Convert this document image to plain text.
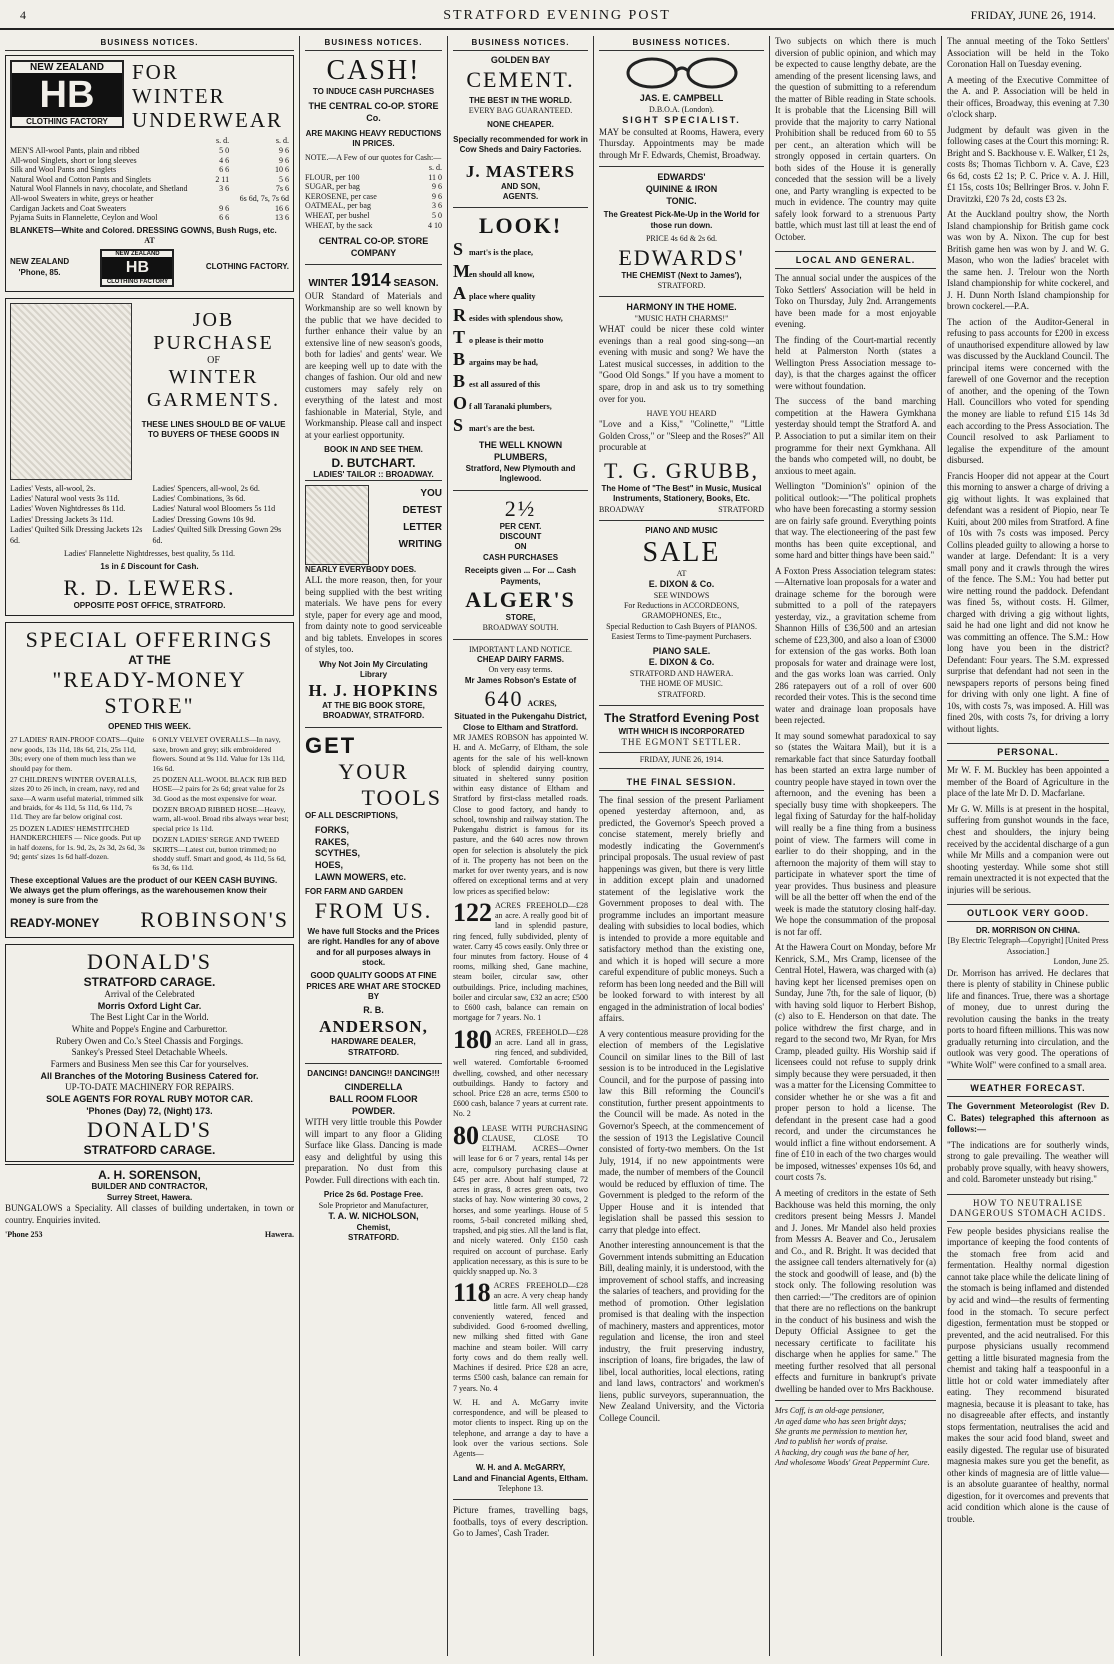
4	STRATFORD EVENING POST	FRIDAY, JUNE 26, 1914.
BUSINESS NOTICES.
NEW ZEALAND
HB
CLOTHING FACTORY
FOR
WINTER
UNDERWEAR
	s. d.	s. d.
MEN'S All-wool Pants, plain and ribbed	5 0	9 6
All-wool Singlets, short or long sleeves	4 6	9 6
Silk and Wool Pants and Singlets	6 6	10 6
Natural Wool and Cotton Pants and Singlets	2 11	5 6
Natural Wool Flannels in navy, chocolate, and Shetland	3 6	7s 6
All-wool Sweaters in white, greys or heather		6s 6d, 7s, 7s 6d
Cardigan Jackets and Coat Sweaters	9 6	16 6
Pyjama Suits in Flannelette, Ceylon and Wool	6 6	13 6
BLANKETS—White and Colored. DRESSING GOWNS, Bush Rugs, etc.
AT
NEW ZEALAND
'Phone, 85.
NEW ZEALAND
HB
CLOTHING FACTORY
CLOTHING FACTORY.
JOB
PURCHASE
OF
WINTER
GARMENTS.
THESE LINES SHOULD BE OF VALUE TO BUYERS OF THESE GOODS IN
Ladies' Vests, all-wool, 2s.
Ladies' Natural wool vests 3s 11d.
Ladies' Woven Nightdresses 8s 11d.
Ladies' Dressing Jackets 3s 11d.
Ladies' Quilted Silk Dressing Jackets 12s 6d.
Ladies' Spencers, all-wool, 2s 6d.
Ladies' Combinations, 3s 6d.
Ladies' Natural wool Bloomers 5s 11d
Ladies' Dressing Gowns 10s 9d.
Ladies' Quilted Silk Dressing Gown 29s 6d.
Ladies' Flannelette Nightdresses, best quality, 5s 11d.
1s in £ Discount for Cash.
R. D. LEWERS.
OPPOSITE POST OFFICE, STRATFORD.
SPECIAL OFFERINGS
AT THE
"READY-MONEY STORE"
OPENED THIS WEEK.
27 LADIES' RAIN-PROOF COATS—Quite new goods, 13s 11d, 18s 6d, 21s, 25s 11d, 30s; every one of them much less than we should pay for them.
27 CHILDREN'S WINTER OVERALLS, sizes 20 to 26 inch, in cream, navy, red and saxe—A warm useful material, trimmed silk and braids, for 4s 11d, 5s 11d, 6s 11d, 7s 11d. They are far below original cost.
25 DOZEN LADIES' HEMSTITCHED HANDKERCHIEFS — Nice goods. Put up in half dozens, for 1s. 9d, 2s, 2s 3d, 2s 6d, 3s 9d; gents' sizes 1s 6d half-dozen.
6 ONLY VELVET OVERALLS—In navy, saxe, brown and grey; silk embroidered flowers. Sound at 9s 11d. Value for 13s 11d, 16s 6d.
25 DOZEN ALL-WOOL BLACK RIB BED HOSE—2 pairs for 2s 6d; great value for 2s 3d. Good as the most expensive for wear.
DOZEN BROAD RIBBED HOSE—Heavy, warm, all-wool. Broad ribs always wear best; special price 1s 11d.
DOZEN LADIES' SERGE AND TWEED SKIRTS—Latest cut, button trimmed; no shoddy stuff. Smart and good, 4s 11d, 5s 6d, 6s 3d, 6s 11d.
These exceptional Values are the product of our KEEN CASH BUYING. We always get the plum offerings, as the warehousemen know their money is sure from the
READY-MONEY ROBINSON'S
DONALD'S
STRATFORD CARAGE.
Arrival of the Celebrated
Morris Oxford Light Car.
The Best Light Car in the World.
White and Poppe's Engine and Carburettor.
Rubery Owen and Co.'s Steel Chassis and Forgings.
Sankey's Pressed Steel Detachable Wheels.
Farmers and Business Men see this Car for yourselves.
All Branches of the Motoring Business Catered for.
UP-TO-DATE MACHINERY FOR REPAIRS.
SOLE AGENTS FOR ROYAL RUBY MOTOR CAR.
'Phones (Day) 72, (Night) 173.
DONALD'S
STRATFORD CARAGE.
A. H. SORENSON,
BUILDER AND CONTRACTOR,
Surrey Street, Hawera.
BUNGALOWS a Speciality. All classes of building undertaken, in town or country. Enquiries invited.
'Phone 253	Hawera.
BUSINESS NOTICES.
CASH!
TO INDUCE CASH PURCHASES
THE CENTRAL CO-OP. STORE Co.
ARE MAKING HEAVY REDUCTIONS IN PRICES.
NOTE.—A Few of our quotes for Cash:—
	s. d.
FLOUR, per 100	11 0
SUGAR, per bag	9 6
KEROSENE, per case	9 6
OATMEAL, per bag	3 6
WHEAT, per bushel	5 0
WHEAT, by the sack	4 10
CENTRAL CO-OP. STORE COMPANY
WINTER 1914 SEASON.

OUR Standard of Materials and Workmanship are so well known by the public that we have decided to further enhance their value by an extensive line of new season's goods, both for ladies' and gents' wear. We are keeping well up to date with the changes of fashion. Our old and new customers may safely rely on everything of the latest and most fashionable in Material, Style, and Workmanship. Please call and inspect at your earliest opportunity.

BOOK IN AND SEE THEM.
D. BUTCHART.
LADIES' TAILOR :: BROADWAY.
YOU
DETEST
LETTER
WRITING
NEARLY EVERYBODY DOES.

ALL the more reason, then, for your being supplied with the best writing materials. We have pens for every style, paper for every age and mood, from dainty note to good serviceable and big tablets. Envelopes in scores of styles, too.

Why Not Join My Circulating Library
H. J. HOPKINS
AT THE BIG BOOK STORE,
BROADWAY, STRATFORD.
GET
YOUR
TOOLS
OF ALL DESCRIPTIONS,
FORKS,
RAKES,
SCYTHES,
HOES,
LAWN MOWERS, etc.
FOR FARM AND GARDEN
FROM US.
We have full Stocks and the Prices are right. Handles for any of above and for all purposes always in stock.
GOOD QUALITY GOODS AT FINE PRICES ARE WHAT ARE STOCKED BY
R. B.
ANDERSON,
HARDWARE DEALER,
STRATFORD.
DANCING! DANCING!! DANCING!!!
CINDERELLA
BALL ROOM FLOOR
POWDER.

WITH very little trouble this Powder will impart to any floor a Gliding Surface like Glass. Dancing is made easy and delightful by using this preparation. No dust from this Powder. Full directions with each tin.

Price 2s 6d. Postage Free.
Sole Proprietor and Manufacturer,
T. A. W. NICHOLSON,
Chemist,
STRATFORD.
BUSINESS NOTICES.
GOLDEN BAY
CEMENT.
THE BEST IN THE WORLD.
EVERY BAG GUARANTEED.
NONE CHEAPER.
Specially recommended for work in Cow Sheds and Dairy Factories.
J. MASTERS
AND SON,
AGENTS.
LOOK!
Smart's is the place,
Men should all know,
Aplace where quality
Resides with splendous show,
To please is their motto
Bargains may be had,
Best all assured of this
Of all Taranaki plumbers,
Smart's are the best.
THE WELL KNOWN PLUMBERS,
Stratford, New Plymouth and Inglewood.
2½
PER CENT.
DISCOUNT
ON
CASH PURCHASES
Receipts given ... For ... Cash Payments,
ALGER'S
STORE,
BROADWAY SOUTH.
IMPORTANT LAND NOTICE.
CHEAP DAIRY FARMS.
On very easy terms.
Mr James Robson's Estate of
640 ACRES,
Situated in the Pukengahu District, Close to Eltham and Stratford.

MR JAMES ROBSON has appointed W. H. and A. McGarry, of Eltham, the sole agents for the sale of his well-known block of splendid dairying country, situated in sheltered sunny position within easy distance of Eltham and Stratford by first-class metalled roads. Close to good factory, and handy to school, township and railway station. The Pukengahu district is famous for its pasture, and the 640 acres now thrown open for selection is absolutely the pick of it. The property has not been on the market for over twenty years, and is now offered on exceptional terms and at very low prices as specified below:

122 ACRES FREEHOLD—£28 an acre. A really good bit of land in splendid pasture, ring fenced, fully subdivided, plenty of water. Carry 45 cows easily. Only three or four minutes from factory. House of 4 rooms, milking shed, Gane machine, steam boiler, circular saw, other outbuildings. Price, including machines, boiler and circular saw, £32 an acre; £500 to £600 cash, balance can remain on mortgage for 7 years. No. 1

180 ACRES, FREEHOLD—£28 an acre. Land all in grass, ring fenced, and subdivided, well watered. Comfortable 6-roomed dwelling, cowshed, and other necessary outbuildings. Handy to factory and school. Price £28 an acre, terms £500 to £600 cash, balance 7 years at current rate. No. 2

80 LEASE WITH PURCHASING CLAUSE, CLOSE TO ELTHAM. ACRES—Owner will lease for 6 or 7 years, rental 14s per acre, compulsory purchasing clause at £45 per acre. About half stumped, 72 acres in grass, 8 acres green oats, two stacks of hay. Now wintering 30 cows, 2 horses, and some yearlings. House of 5 rooms, 5-bail concreted milking shed, trapshed, and pig sties. All the land is flat, and nicely watered. Only £150 cash required on account of purchase. Early application necessary, as this is sure to be quickly snapped up. No. 3

118 ACRES FREEHOLD—£28 an acre. A very cheap handy little farm. All well grassed, conveniently watered, fenced and subdivided. Good 6-roomed dwelling, new milking shed fitted with Gane machine and steam boiler. Will carry forty cows and do them really well. Machines if desired. Price £28 an acre, terms £500 cash, balance can remain for 7 years. No. 4

W. H. and A. McGarry invite correspondence, and will be pleased to motor clients to inspect. Ring up on the telephone, and arrange a day to have a look over the various sections. Sole Agents—

W. H. and A. McGARRY,
Land and Financial Agents, Eltham.
Telephone 13.

Picture frames, travelling bags, footballs, toys of every description. Go to James', Cash Trader.

BUSINESS NOTICES.
JAS. E. CAMPBELL
D.B.O.A. (London).
SIGHT SPECIALIST.

MAY be consulted at Rooms, Hawera, every Thursday. Appointments may be made through Mr F. Edwards, Chemist, Broadway.

EDWARDS'
QUININE & IRON
TONIC.
The Greatest Pick-Me-Up in the World for those run down.
PRICE 4s 6d & 2s 6d.
EDWARDS'
THE CHEMIST (Next to James'),
STRATFORD.
HARMONY IN THE HOME.
"MUSIC HATH CHARMS!"

WHAT could be nicer these cold winter evenings than a real good sing-song—an evening with music and song? We have the Latest musical successes, in addition to the "Good Old Songs." If you have a moment to spare, drop in and ask us to try something over for you.

HAVE YOU HEARD

"Love and a Kiss," "Colinette," "Little Golden Cross," or "Sleep and the Roses?" All procurable at

T. G. GRUBB,
The Home of "The Best" in Music, Musical Instruments, Stationery, Books, Etc.
BROADWAY	STRATFORD
PIANO AND MUSIC
SALE
AT
E. DIXON & Co.
SEE WINDOWS
For Reductions in ACCORDEONS, GRAMOPHONES, Etc.,
Special Reduction to Cash Buyers of PIANOS.
Easiest Terms to Time-payment Purchasers.
PIANO SALE.
E. DIXON & Co.
STRATFORD AND HAWERA.
THE HOME OF MUSIC.
STRATFORD.
The Stratford Evening Post
WITH WHICH IS INCORPORATED
THE EGMONT SETTLER.
FRIDAY, JUNE 26, 1914.
THE FINAL SESSION.

The final session of the present Parliament opened yesterday afternoon, and, as predicted, the Governor's Speech proved a concise statement, merely briefly and modestly indicating the Government's principal proposals. The usual review of past happenings was given, but there is very little in addition except plain and unadorned statement of the legislative work the Government proposes to deal with. The programme includes an important measure dealing with subsidies to local bodies, which is intended to provide a more equitable and satisfactory method than the existing one, and which it is hoped will secure a more careful expenditure of public moneys. Such a reform has been long needed and the Bill will be looked forward to with interest by all engaged in the administration of local bodies' affairs.

A very contentious measure providing for the election of members of the Legislative Council on similar lines to the Bill of last session is to be introduced in the Legislative Council, and for the purpose of passing into law this Bill reforming the Council's constitution, further present appointments to the Council will be made. As noted in the Governor's Speech, at the commencement of the session of 1913 the Legislative Council consisted of forty-two members. On the 1st July, 1914, if no new appointments were made, the number of members of the Council would be reduced by effluxion of time. The Government is pledged to the reform of the Upper House and it is intended that legislation shall be passed this session to carry that pledge into effect.

Another interesting announcement is that the Government intends submitting an Education Bill, dealing mainly, it is understood, with the improvement of school staffs, and increasing the salaries of teachers, and providing for the method of promotion. Other legislation promised is that dealing with the inspection of machinery, masters and apprentices, motor regulation and license, the iron and steel industry, the fruit preserving industry, inscription of loans, fire brigades, the law of libel, local authorities, local elections, rating and land laws, contractors' and workmen's liens, public surveyors, superannuation, the New Zealand University, and the Victoria College Council.

Two subjects on which there is much diversion of public opinion, and which may be expected to cause lengthy debate, are the amending of the present licensing laws, and the question of submitting to a referendum the matter of Bible reading in State schools. It is probable that the Licensing Bill will provide that the majority to carry National Prohibition shall be reduced from 60 to 55 per cent., an alteration which will be strongly opposed in certain quarters. On both sides of the House it is generally conceded that the session will be a lively one, and Party wrangling is expected to be much in evidence. The country may quite safely look forward to a strenuous Party battle, which must last till at least the end of October.

LOCAL AND GENERAL.

The annual social under the auspices of the Toko Settlers' Association will be held in Toko on Thursday, July 2nd. Arrangements have been made for a most enjoyable evening.

The finding of the Court-martial recently held at Palmerston North (states a Wellington Press Association message to-day), is that the charges against the officer were without foundation.

The success of the band marching competition at the Hawera Gymkhana yesterday should tempt the Stratford A. and P. Association to put a similar item on their programme for their next Gymkhana. All the bands who competed will, no doubt, be anxious to meet again.

Wellington "Dominion's" opinion of the political outlook:—"The political prophets who have been forecasting a stormy session are on fairly safe ground. Everything points that way. The electioneering of the past few months has been quite exceptional, and some hard and bitter things have been said."

A Foxton Press Association telegram states:—Alternative loan proposals for a water and drainage scheme for the borough were submitted to a poll of the ratepayers yesterday, viz., a gravitation scheme from Shannon Hills of £36,500 and an artesian scheme of £23,300, and also a loan of £3000 for extension of the gas works. Both loan proposals for water and drainage were lost, and the gas works loan was carried. Only 286 ratepayers out of a roll of over 600 recorded their votes. This is the second time water and drainage loan proposals have been rejected.

It may sound somewhat paradoxical to say so (states the Waitara Mail), but it is a remarkable fact that since Saturday football has been started an extra large number of country people have stayed in town over the afternoon, and the evening has been a specially busy time with shopkeepers. The legal fixing of Saturday for the half-holiday will really be a fine thing from a business point of view. The farmers will come in earlier to do their shopping, and in the afternoon the majority of them will stay to participate in whatever sport the time of year provides. Thus business and pleasure will be all the better off when the end of the week is made the statutory closing half-day. We hope the consummation of the proposal is not far off.

At the Hawera Court on Monday, before Mr Kenrick, S.M., Mrs Cramp, licensee of the Central Hotel, Hawera, was charged with (a) having kept her licensed premises open on Sunday, June 7th, for the sale of liquor, (b) with having sold liquor to Herbert Bishop, (c) also to E. Henderson on that date. The police withdrew the first charge, and in regard to the second two, Mr Ryan, for Mrs Cramp, pleaded guilty. His Worship said if licensees could not refuse to supply drink simply because they were persuaded, it then was a matter for the Licensing Committee to consider whether he or she was a fit and proper person to hold a license. The defendant in the present case had a good record, and under the circumstances he would inflict a fine without endorsement. A fine of £10 in each of the two charges would be imposed, witnesses' expenses 10s 6d, and court costs 7s.

A meeting of creditors in the estate of Seth Backhouse was held this morning, the only creditors present being Messrs J. Mandel and J. Jones. Mr Mandel also held proxies from Messrs A. Beaver and Co., Jerusalem and Co., and R. Bright. It was decided that the assignee call tenders alternatively for (a) the stock and goodwill of lease, and (b) the stock only. The following resolution was then carried:—"The creditors are of opinion that there are no reflections on the bankrupt in the conduct of his business and wish the Deputy Official Assignee to get the necessary certificate to facilitate his discharge when he applies for same." The meeting further resolved that all personal effects and furniture in bankrupt's private dwelling be handed over to Mrs Backhouse.

Mrs Coff, is an old-age pensioner,
An aged dame who has seen bright days;
She grants me permission to mention her,
And to publish her words of praise.
A hacking, dry cough was the bane of her,
And wholesome Woods' Great Peppermint Cure.

The annual meeting of the Toko Settlers' Association will be held in the Toko Coronation Hall on Tuesday evening.

A meeting of the Executive Committee of the A. and P. Association will be held in their offices, Broadway, this evening at 7.30 o'clock sharp.

Judgment by default was given in the following cases at the Court this morning: R. Bright and S. Backhouse v. E. Walker, £1 2s, costs 8s; Thomas Tichborn v. A. Cave, £23 6s 6d, costs £2 1s; P. C. Price v. A. J. Hill, £1 15s, costs 10s; Bellringer Bros. v. John F. Dravitzki, £20 7s 2d, costs £3 2s.

At the Auckland poultry show, the North Island championship for British game cock was won by A. Nixon. The cup for best British game hen was won by J. and W. G. Mason, who won the ladies' bracelet with the same hen. J. Trelour won the North Island championship for white cockerel, and J. H. Dunn North Island championship for brown cockerel.—P.A.

The action of the Auditor-General in refusing to pass accounts for £200 in excess of unauthorised expenditure allowed by law was discussed by the Auckland Council. The principal items were concerned with the farewell of one Governor and the reception of another, and the opening of the Town Hall. Councillors who voted for spending the money are liable to refund £15 14s 3d each according to the Press Association. The Council resolved to ask Parliament to legalise the expenditure of the amount disbursed.

Francis Hooper did not appear at the Court this morning to answer a charge of driving a gig without lights. It was explained that defendant was a resident of Piopio, near Te Kuiti, about 200 miles from Stratford. A fine of 10s with 7s costs was imposed. Percy Collins pleaded guilty to allowing a horse to wander at large. Defendant: It is a very small pony and it crawls through the wires of the fence. The S.M.: You had better put wire netting round the paddock. Defendant was fined 5s, without costs. H. Gilmer, charged with driving a gig without lights, said he had one light and did not know he was committing an offence. The S.M.: How long have you been in the district? Defendant: Four years. The S.M. expressed surprise that defendant had not seen in the newspapers reports of persons being fined for driving with only one light. A fine of 10s, with costs 7s, was imposed. A. Hill was fined 20s, with costs 7s, for driving a lorry without lights.

PERSONAL.

Mr W. F. M. Buckley has been appointed a member of the Board of Agriculture in the place of the late Mr D. D. Macfarlane.

Mr G. W. Mills is at present in the hospital, suffering from gunshot wounds in the face, chest and shoulders, the injury being received by the accidental discharge of a gun while Mr Mills and a companion were out shooting yesterday. While some shot still remain unextracted it is not expected that the injuries will be serious.

OUTLOOK VERY GOOD.
DR. MORRISON ON CHINA.
[By Electric Telegraph—Copyright] [United Press Association.]
London, June 25.

Dr. Morrison has arrived. He declares that there is plenty of stability in Chinese public life and finances. True, there was a shortage of money, due to unrest during the revolution causing the banks in the treaty ports to hoard fifteen millions. This was now gradually returning into circulation, and the outlook was very good. The operations of "White Wolf" were confined to a small area.

WEATHER FORECAST.

The Government Meteorologist (Rev D. C. Bates) telegraphed this afternoon as follows:—

"The indications are for southerly winds, strong to gale prevailing. The weather will probably prove squally, with heavy showers, and cold. Barometer unsteady but rising."

HOW TO NEUTRALISE DANGEROUS STOMACH ACIDS.

Few people besides physicians realise the importance of keeping the food contents of the stomach free from acid and fermentation. Healthy normal digestion cannot take place while the delicate lining of the stomach is being inflamed and distended by acid and wind—the results of fermenting food in the stomach. To secure perfect digestion, fermentation must be stopped or prevented, and the acid neutralised. For this purpose physicians usually recommend getting a little bisurated magnesia from the chemist and taking half a teaspoonful in a little hot or cold water immediately after eating. They recommend bisurated magnesia, because it is pleasant to take, has no disagreeable after effects, and instantly stops fermentation, neutralises the acid and makes the sour acid food bland, sweet and easily digested. The regular use of bisurated magnesia makes sure you get the benefit, as other kinds of magnesia are of little value—is an absolute guarantee of healthy, normal digestion, for it overcomes and prevents that acid condition which alone is the cause of trouble.
